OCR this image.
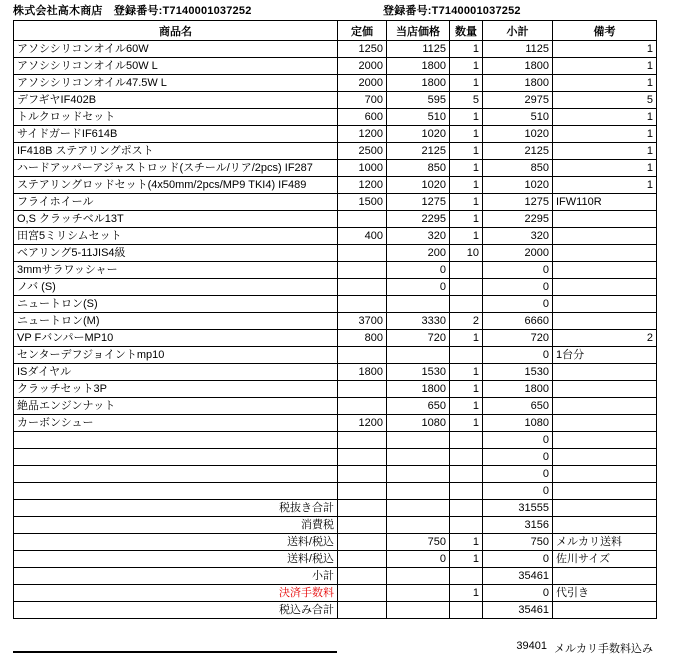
株式会社高木商店　登録番号:T7140001037252	登録番号:T7140001037252
商品名	定価	当店価格	数量	小計	備考
アソシシリコンオイル60W	1250	1125	1	1125	1
アソシシリコンオイル50W L	2000	1800	1	1800	1
アソシシリコンオイル47.5W L	2000	1800	1	1800	1
デフギヤIF402B	700	595	5	2975	5
トルクロッドセット	600	510	1	510	1
サイドガードIF614B	1200	1020	1	1020	1
IF418B ステアリングポスト	2500	2125	1	2125	1
ハードアッパーアジャストロッド(スチール/リア/2pcs) IF287	1000	850	1	850	1
ステアリングロッドセット(4x50mm/2pcs/MP9 TKI4) IF489	1200	1020	1	1020	1
フライホイール	1500	1275	1	1275	IFW110R
O,S クラッチベル13T		2295	1	2295	
田宮5ミリシムセット	400	320	1	320	
ベアリング5-11JIS4級		200	10	2000	
3mmサラワッシャー		0		0	
ノバ (S)		0		0	
ニュートロン(S)				0	
ニュートロン(M)	3700	3330	2	6660	
VP FバンパーMP10	800	720	1	720	2
センターデフジョイントmp10				0	1台分
ISダイヤル	1800	1530	1	1530	
クラッチセット3P		1800	1	1800	
絶品エンジンナット		650	1	650	
カーボンシュー	1200	1080	1	1080	
				0	
				0	
				0	
				0	
税抜き合計				31555	
消費税				3156	
送料/税込		750	1	750	メルカリ送料
送料/税込		0	1	0	佐川サイズ
小計				35461	
決済手数料			1	0	代引き
税込み合計				35461	
39401 メルカリ手数料込み
